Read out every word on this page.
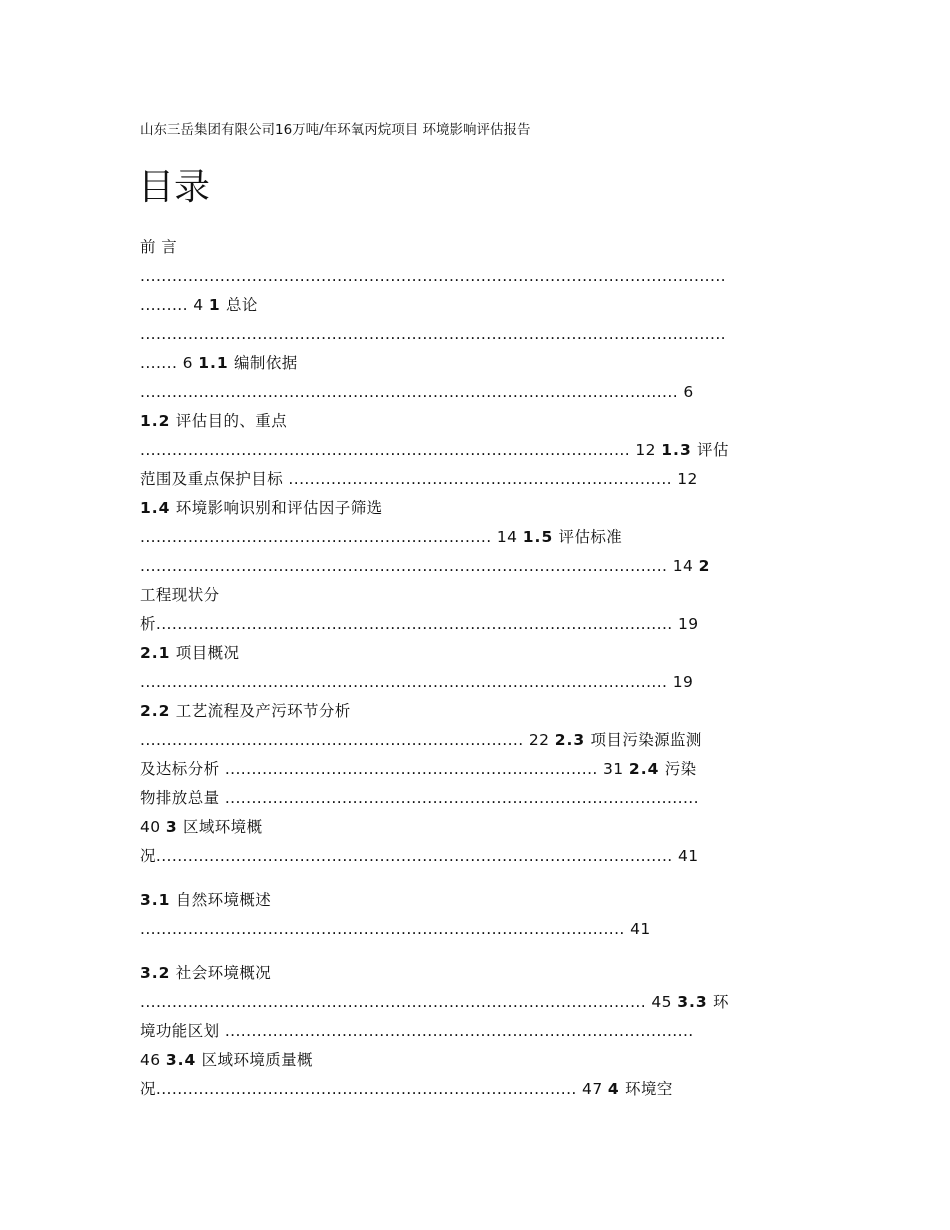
山东三岳集团有限公司16万吨/年环氧丙烷项目 环境影响评估报告
目录
前 言
..............................................................................................................
......... 4 1 总论
..............................................................................................................
....... 6 1.1 编制依据
..................................................................................................... 6
1.2 评估目的、重点
............................................................................................ 12 1.3 评估
范围及重点保护目标 ........................................................................ 12
1.4 环境影响识别和评估因子筛选
.................................................................. 14 1.5 评估标准
................................................................................................... 14 2
工程现状分
析................................................................................................. 19
2.1 项目概况
................................................................................................... 19
2.2 工艺流程及产污环节分析
........................................................................ 22 2.3 项目污染源监测
及达标分析 ...................................................................... 31 2.4 污染
物排放总量 .........................................................................................
40 3 区域环境概
况................................................................................................. 41
3.1 自然环境概述
........................................................................................... 41
3.2 社会环境概况
............................................................................................... 45 3.3 环
境功能区划 ........................................................................................
46 3.4 区域环境质量概
况............................................................................... 47 4 环境空
